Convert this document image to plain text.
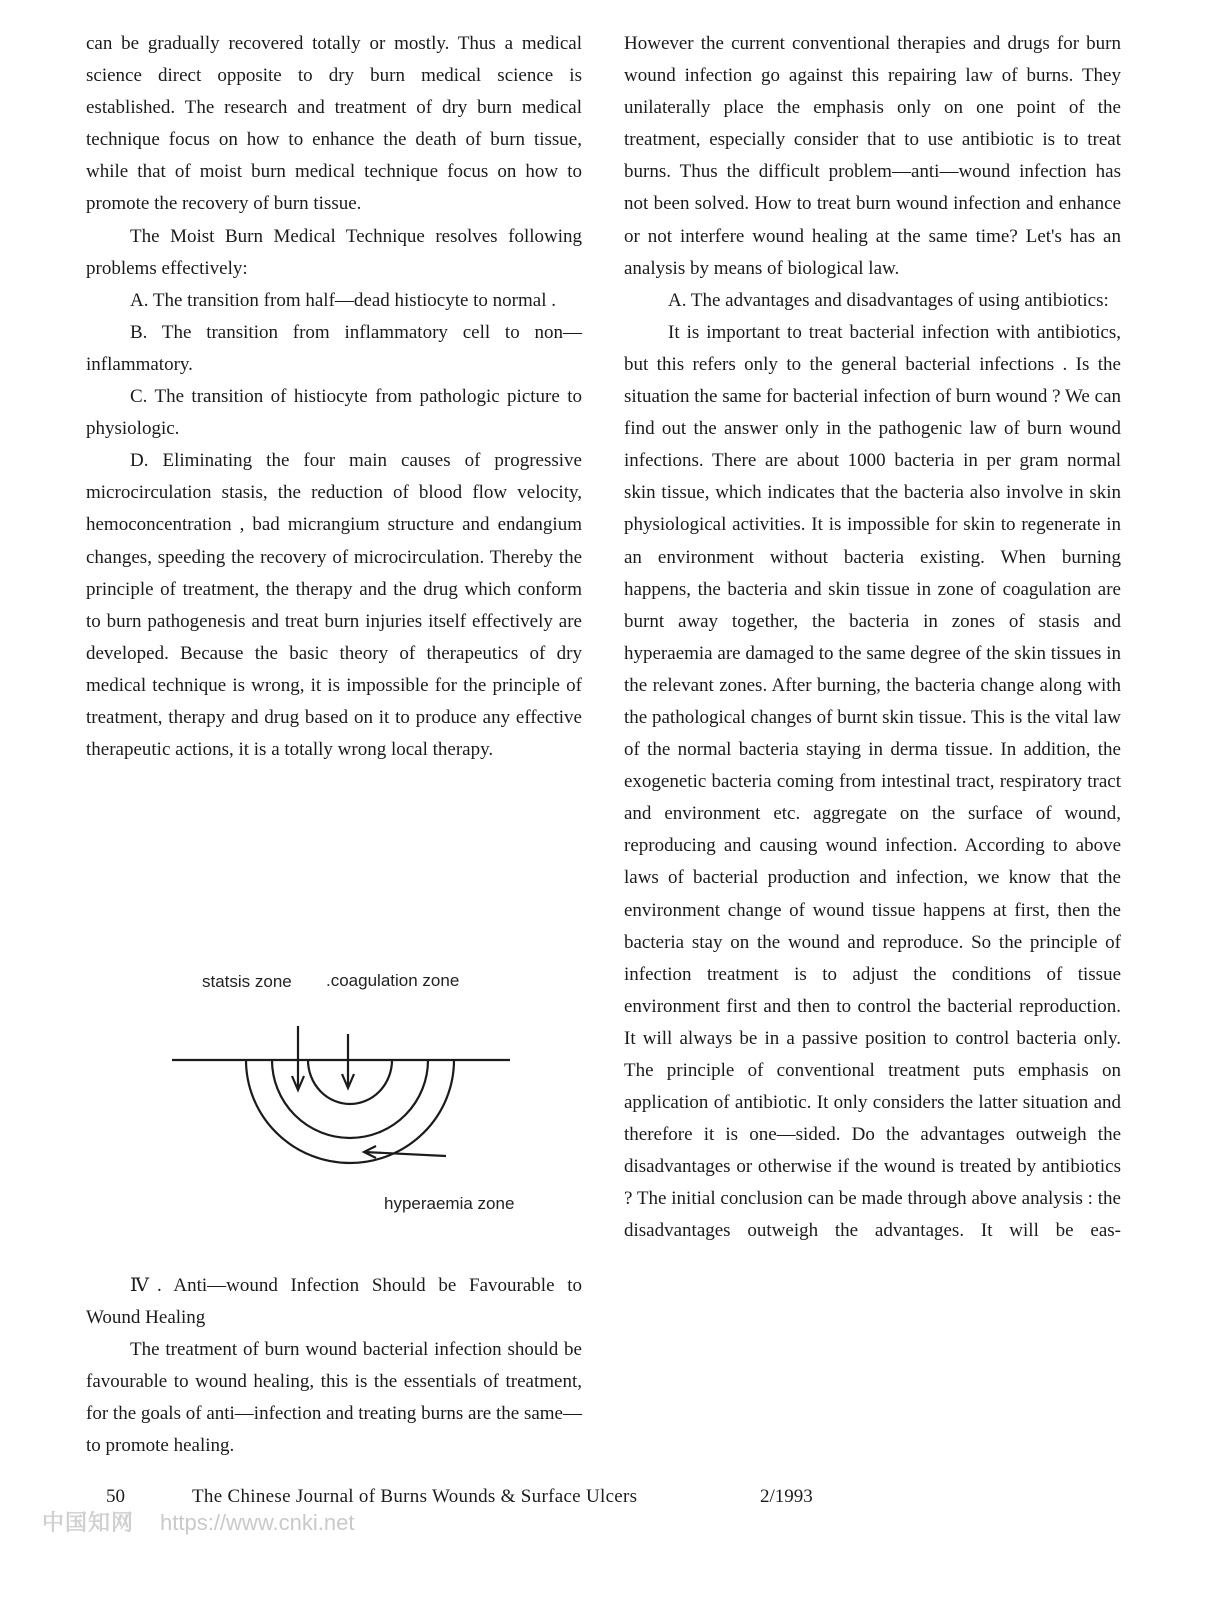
can be gradually recovered totally or mostly. Thus a medical science direct opposite to dry burn medical science is established. The research and treatment of dry burn medical technique focus on how to enhance the death of burn tissue, while that of moist burn medical technique focus on how to promote the recovery of burn tissue.

The Moist Burn Medical Technique resolves following problems effectively:

A. The transition from half—dead histiocyte to normal .

B. The transition from inflammatory cell to non—inflammatory.

C. The transition of histiocyte from pathologic picture to physiologic.

D. Eliminating the four main causes of progressive microcirculation stasis, the reduction of blood flow velocity, hemoconcentration , bad micrangium structure and endangium changes, speeding the recovery of microcirculation. Thereby the principle of treatment, the therapy and the drug which conform to burn pathogenesis and treat burn injuries itself effectively are developed. Because the basic theory of therapeutics of dry medical technique is wrong, it is impossible for the principle of treatment, therapy and drug based on it to produce any effective therapeutic actions, it is a totally wrong local therapy.

statsis zone .coagulation zone
hyperaemia zone

Ⅳ. Anti—wound Infection Should be Favourable to Wound Healing

The treatment of burn wound bacterial infection should be favourable to wound healing, this is the essentials of treatment, for the goals of anti—infection and treating burns are the same—to promote healing.

However the current conventional therapies and drugs for burn wound infection go against this repairing law of burns. They unilaterally place the emphasis only on one point of the treatment, especially consider that to use antibiotic is to treat burns. Thus the difficult problem—anti—wound infection has not been solved. How to treat burn wound infection and enhance or not interfere wound healing at the same time? Let's has an analysis by means of biological law.

A. The advantages and disadvantages of using antibiotics:

It is important to treat bacterial infection with antibiotics, but this refers only to the general bacterial infections . Is the situation the same for bacterial infection of burn wound ? We can find out the answer only in the pathogenic law of burn wound infections. There are about 1000 bacteria in per gram normal skin tissue, which indicates that the bacteria also involve in skin physiological activities. It is impossible for skin to regenerate in an environment without bacteria existing. When burning happens, the bacteria and skin tissue in zone of coagulation are burnt away together, the bacteria in zones of stasis and hyperaemia are damaged to the same degree of the skin tissues in the relevant zones. After burning, the bacteria change along with the pathological changes of burnt skin tissue. This is the vital law of the normal bacteria staying in derma tissue. In addition, the exogenetic bacteria coming from intestinal tract, respiratory tract and environment etc. aggregate on the surface of wound, reproducing and causing wound infection. According to above laws of bacterial production and infection, we know that the environment change of wound tissue happens at first, then the bacteria stay on the wound and reproduce. So the principle of infection treatment is to adjust the conditions of tissue environment first and then to control the bacterial reproduction. It will always be in a passive position to control bacteria only. The principle of conventional treatment puts emphasis on application of antibiotic. It only considers the latter situation and therefore it is one—sided. Do the advantages outweigh the disadvantages or otherwise if the wound is treated by antibiotics ? The initial conclusion can be made through above analysis : the disadvantages outweigh the advantages. It will be eas-

50	The Chinese Journal of Burns Wounds & Surface Ulcers	2/1993
中国知网 https://www.cnki.net
